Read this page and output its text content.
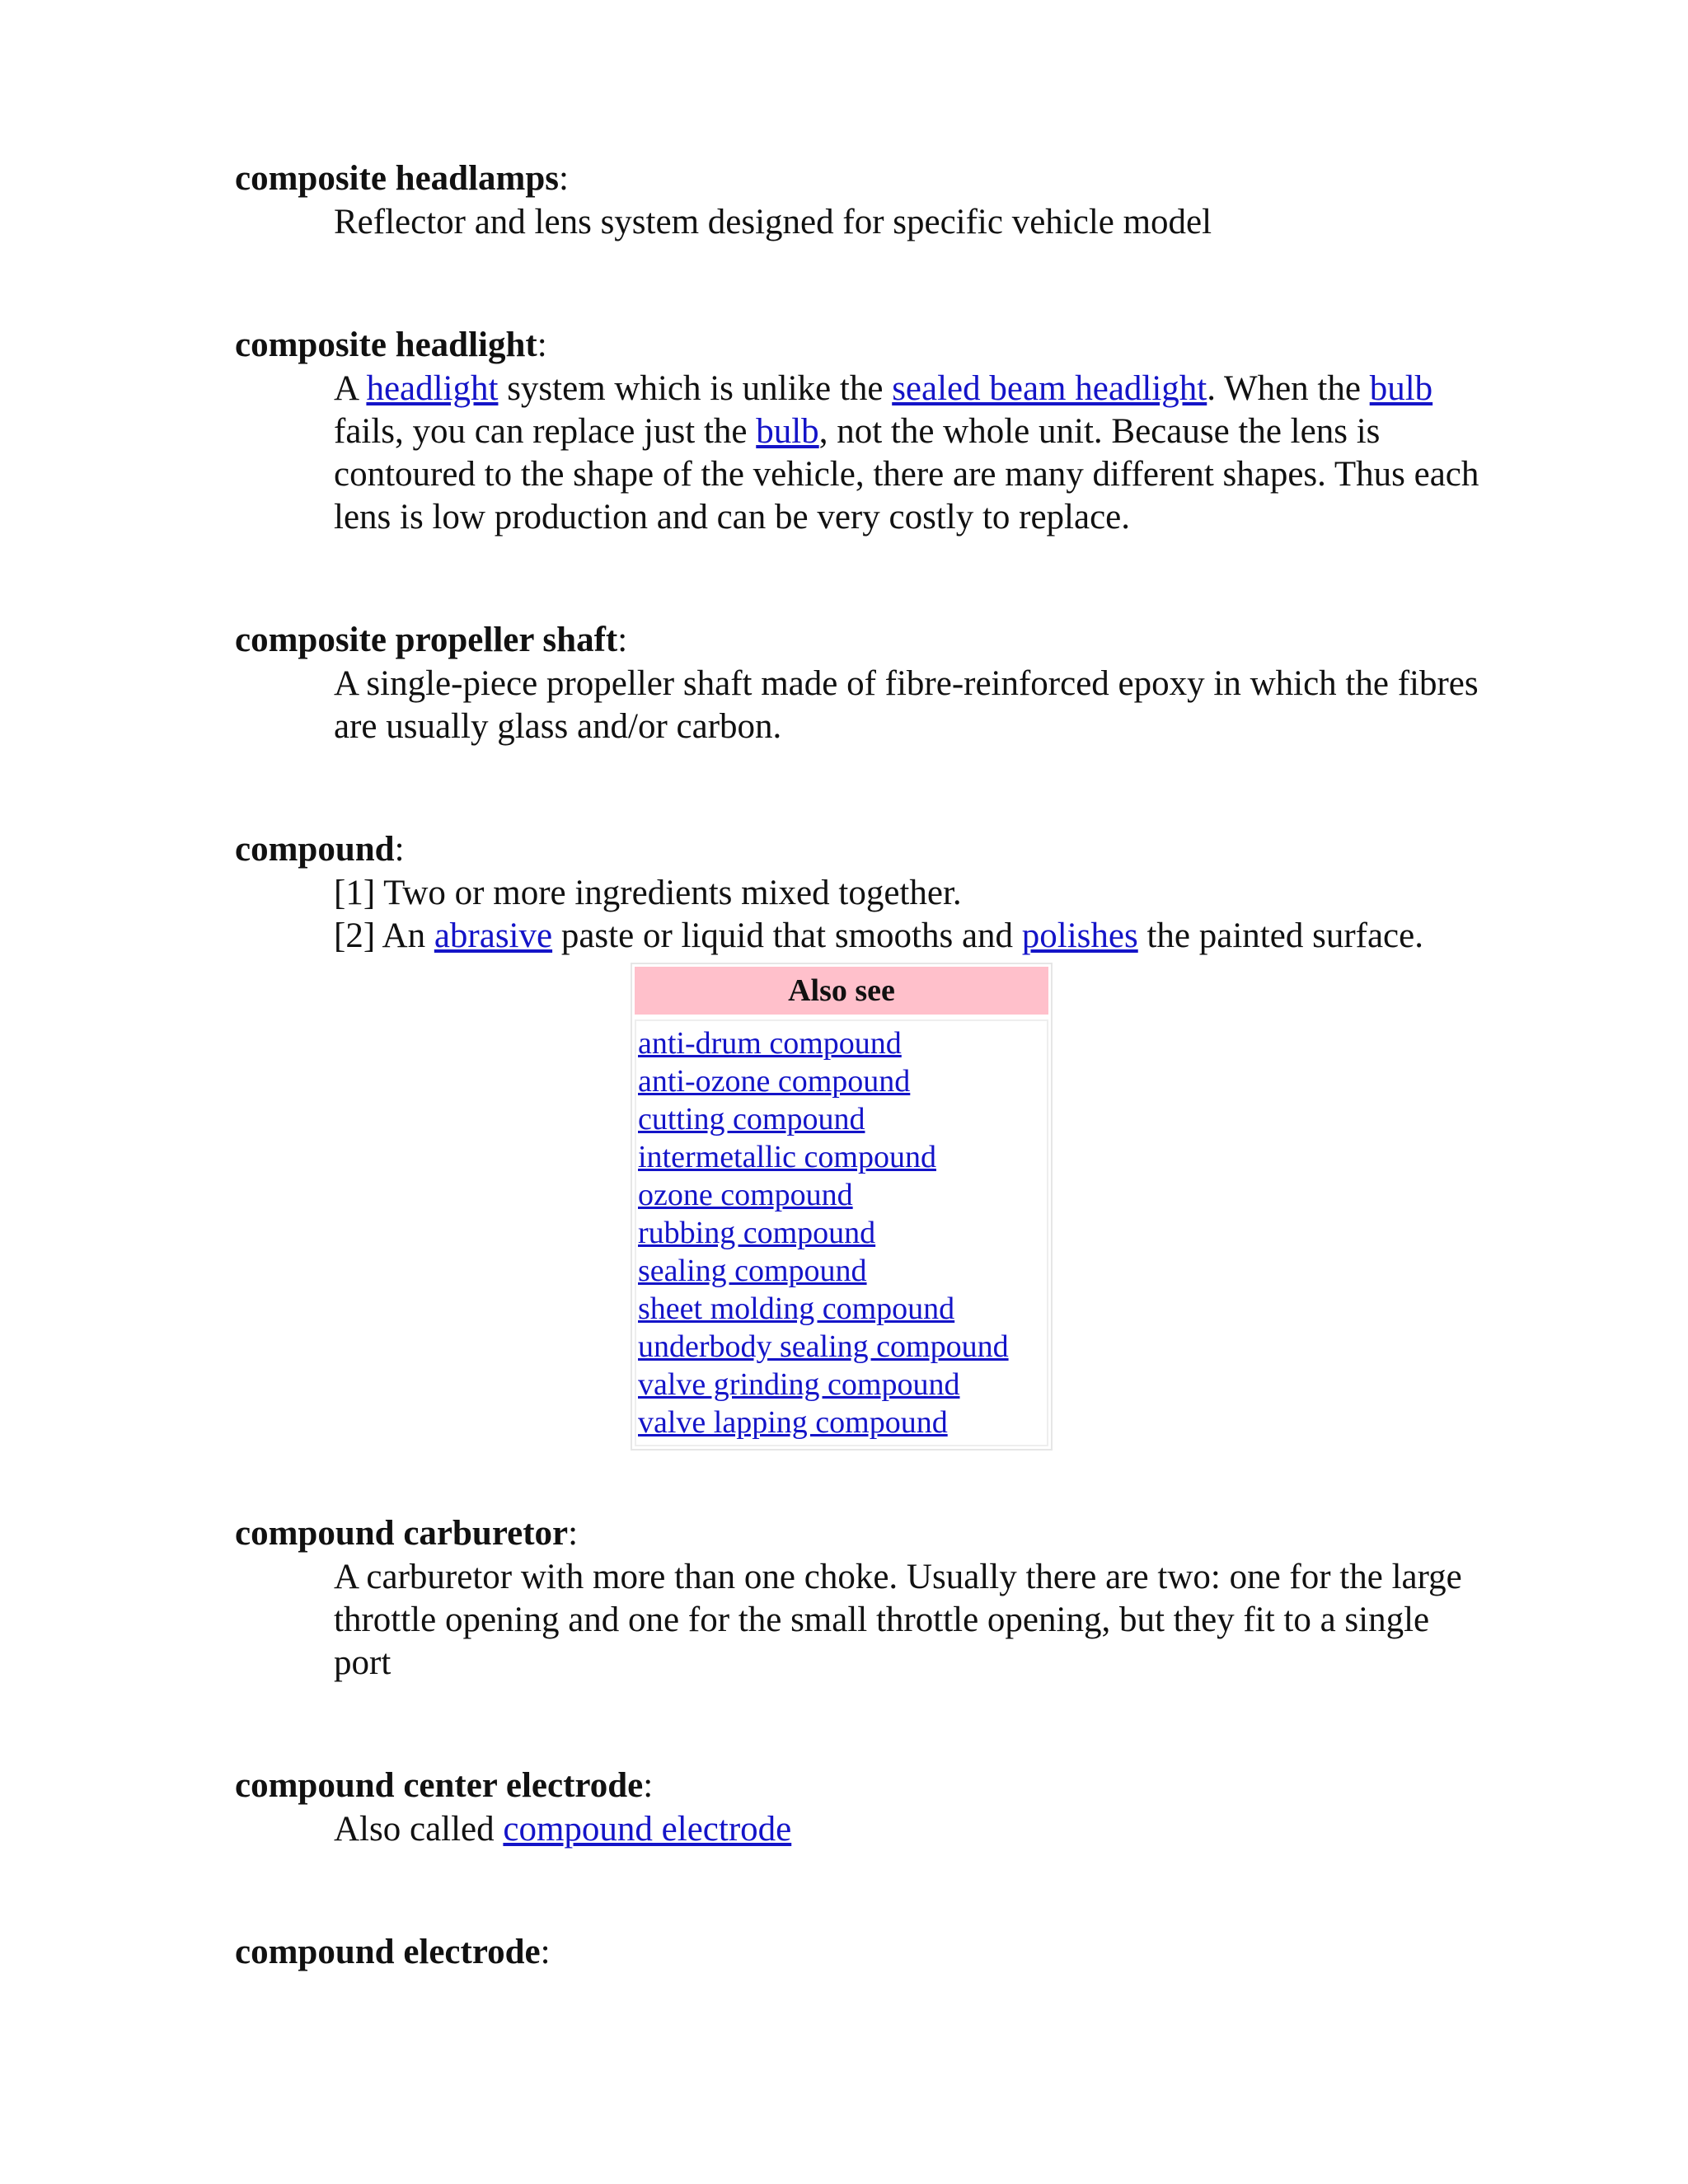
composite headlamps:

Reflector and lens system designed for specific vehicle model

composite headlight:

A headlight system which is unlike the sealed beam headlight. When the bulb fails, you can replace just the bulb, not the whole unit. Because the lens is contoured to the shape of the vehicle, there are many different shapes. Thus each lens is low production and can be very costly to replace.

composite propeller shaft:

A single-piece propeller shaft made of fibre-reinforced epoxy in which the fibres are usually glass and/or carbon.

compound:

[1] Two or more ingredients mixed together.

[2] An abrasive paste or liquid that smooths and polishes the painted surface.

Also see
anti-drum compound
anti-ozone compound
cutting compound
intermetallic compound
ozone compound
rubbing compound
sealing compound
sheet molding compound
underbody sealing compound
valve grinding compound
valve lapping compound

compound carburetor:

A carburetor with more than one choke. Usually there are two: one for the large throttle opening and one for the small throttle opening, but they fit to a single port

compound center electrode:

Also called compound electrode

compound electrode:
